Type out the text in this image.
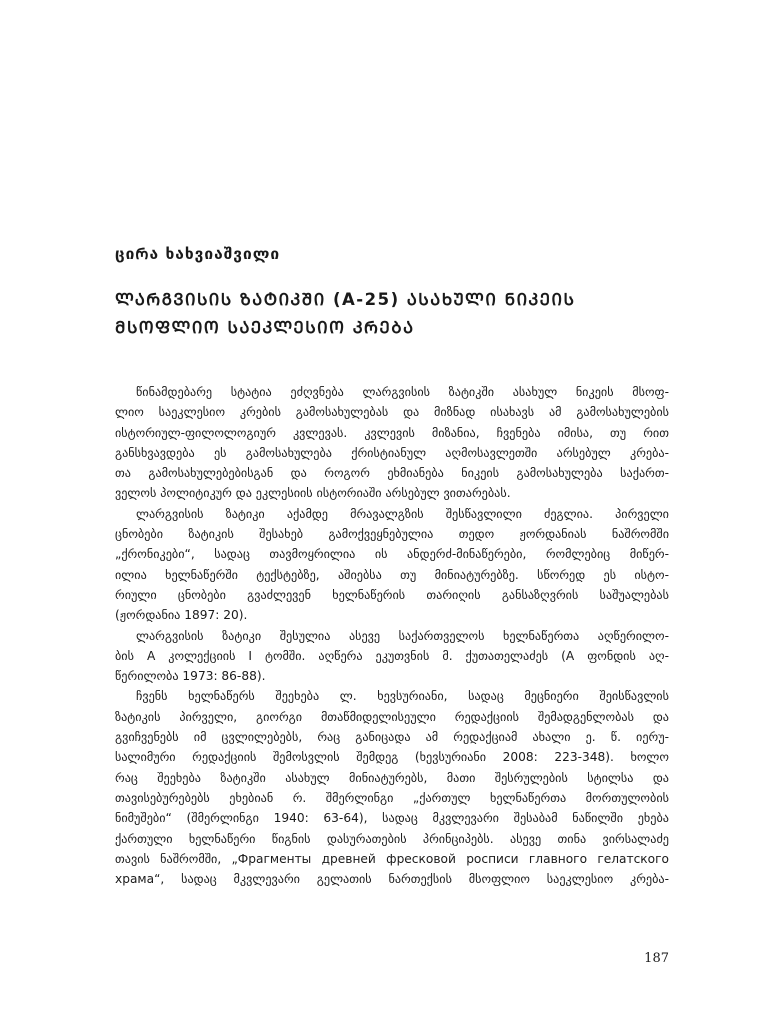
ციᲠა ხახვიაშვილი
ᲚᲐᲠᲒᲕᲘᲡᲘᲡ ᲖᲐᲢᲘᲙᲨᲘ (A-25) ᲐᲡᲐᲮᲣᲚᲘ ᲜᲘᲙᲔᲘᲡ
ᲛᲡᲝᲤᲚᲘᲝ ᲡᲐᲔᲙᲚᲔᲡᲘᲝ ᲙᲠᲔᲑᲐ
წინამდებარე სტატია ეძღვნება ლარგვისის ზატიკში ასახულ ნიკეის მსოფ-
ლიო საეკლესიო კრების გამოსახულებას და მიზნად ისახავს ამ გამოსახულების
ისტორიულ-ფილოლოგიურ კვლევას. კვლევის მიზანია, ჩვენება იმისა, თუ რით
განსხვავდება ეს გამოსახულება ქრისტიანულ აღმოსავლეთში არსებულ კრება-
თა გამოსახულებებისგან და როგორ ეხმიანება ნიკეის გამოსახულება საქართ-
ველოს პოლიტიკურ და ეკლესიის ისტორიაში არსებულ ვითარებას.
ლარგვისის ზატიკი აქამდე მრავალგზის შესწავლილი ძეგლია. პირველი
ცნობები ზატიკის შესახებ გამოქვეყნებულია თედო ჟორდანიას ნაშრომში
„ქრონიკები“, სადაც თავმოყრილია ის ანდერძ-მინაწერები, რომლებიც მიწერ-
ილია ხელნაწერში ტექსტებზე, აშიებსა თუ მინიატურებზე. სწორედ ეს ისტო-
რიული ცნობები გვაძლევენ ხელნაწერის თარიღის განსაზღვრის საშუალებას
(ჟორდანია 1897: 20).
ლარგვისის ზატიკი შესულია ასევე საქართველოს ხელნაწერთა აღწერილო-
ბის A კოლექციის I ტომში. აღწერა ეკუთვნის მ. ქუთათელაძეს (A ფონდის აღ-
წერილობა 1973: 86-88).
ჩვენს ხელნაწერს შეეხება ლ. ხევსურიანი, სადაც მეცნიერი შეისწავლის
ზატიკის პირველი, გიორგი მთაწმიდელისეული რედაქციის შემადგენლობას და
გვიჩვენებს იმ ცვლილებებს, რაც განიცადა ამ რედაქციამ ახალი ე. წ. იერუ-
სალიმური რედაქციის შემოსვლის შემდეგ (ხევსურიანი 2008: 223-348). ხოლო
რაც შეეხება ზატიკში ასახულ მინიატურებს, მათი შესრულების სტილსა და
თავისებურებებს ეხებიან რ. შმერლინგი „ქართულ ხელნაწერთა მორთულობის
ნიმუშები“ (შმერლინგი 1940: 63-64), სადაც მკვლევარი შესაბამ ნაწილში ეხება
ქართული ხელნაწერი წიგნის დასურათების პრინციპებს. ასევე თინა ვირსალაძე
თავის ნაშრომში, „Фрагменты древней фресковой росписи главного гелатского
храма“, სადაც მკვლევარი გელათის ნართექსის მსოფლიო საეკლესიო კრება-
187
